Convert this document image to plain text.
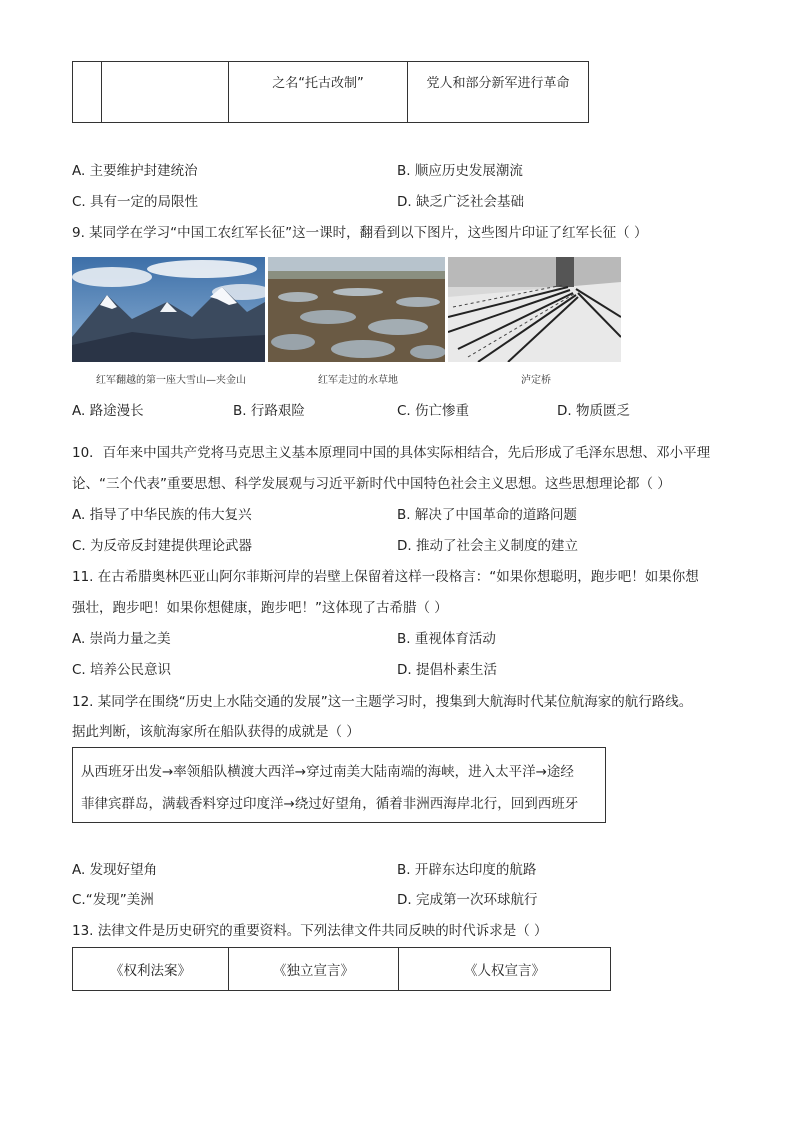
		之名“托古改制”	党人和部分新军进行革命
A. 主要维护封建统治	B. 顺应历史发展潮流
C. 具有一定的局限性	D. 缺乏广泛社会基础
9. 某同学在学习“中国工农红军长征”这一课时，翻看到以下图片，这些图片印证了红军长征（ ）
红军翻越的第一座大雪山—夹金山	红军走过的水草地	泸定桥
A. 路途漫长	B. 行路艰险	C. 伤亡惨重	D. 物质匮乏
10．百年来中国共产党将马克思主义基本原理同中国的具体实际相结合，先后形成了毛泽东思想、邓小平理
论、“三个代表”重要思想、科学发展观与习近平新时代中国特色社会主义思想。这些思想理论都（ ）
A. 指导了中华民族的伟大复兴	B. 解决了中国革命的道路问题
C. 为反帝反封建提供理论武器	D. 推动了社会主义制度的建立
11. 在古希腊奥林匹亚山阿尔菲斯河岸的岩壁上保留着这样一段格言：“如果你想聪明，跑步吧！如果你想
强壮，跑步吧！如果你想健康，跑步吧！”这体现了古希腊（ ）
A. 崇尚力量之美	B. 重视体育活动
C. 培养公民意识	D. 提倡朴素生活
12. 某同学在围绕“历史上水陆交通的发展”这一主题学习时，搜集到大航海时代某位航海家的航行路线。
据此判断，该航海家所在船队获得的成就是（ ）
从西班牙出发→率领船队横渡大西洋→穿过南美大陆南端的海峡，进入太平洋→途经
菲律宾群岛，满载香料穿过印度洋→绕过好望角，循着非洲西海岸北行，回到西班牙
A. 发现好望角	B. 开辟东达印度的航路
C.“发现”美洲	D. 完成第一次环球航行
13. 法律文件是历史研究的重要资料。下列法律文件共同反映的时代诉求是（ ）
《权利法案》	《独立宣言》	《人权宣言》
